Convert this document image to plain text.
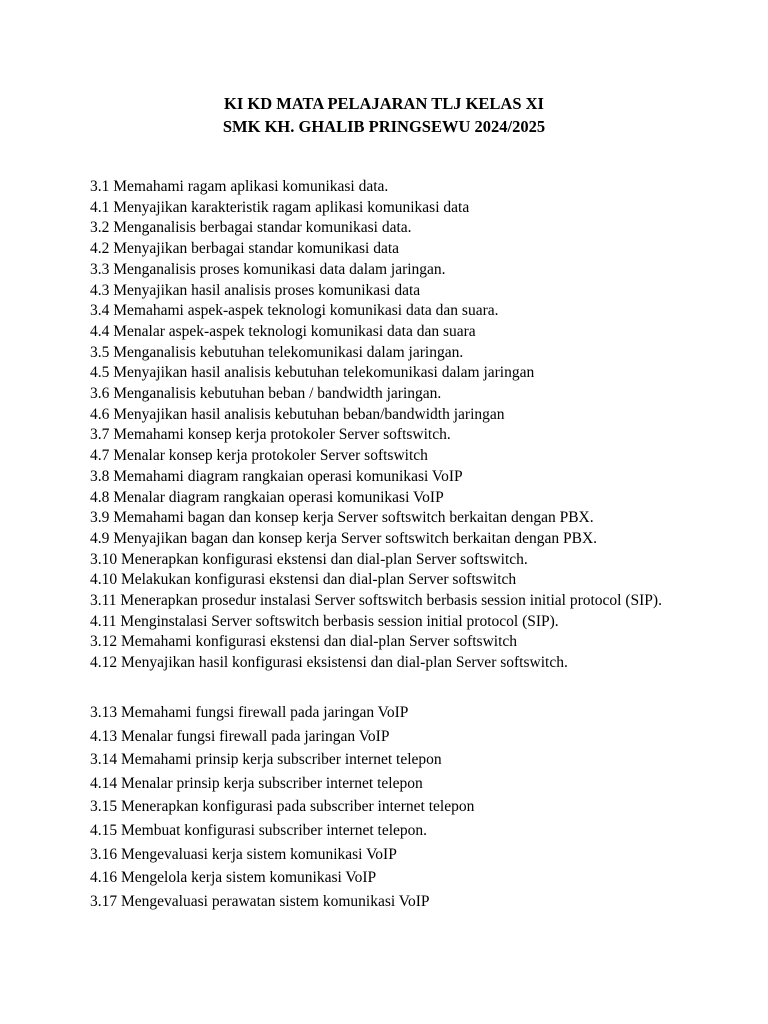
KI KD MATA PELAJARAN TLJ KELAS XI
SMK KH. GHALIB PRINGSEWU 2024/2025
3.1 Memahami ragam aplikasi komunikasi data.
4.1 Menyajikan karakteristik ragam aplikasi komunikasi data
3.2 Menganalisis berbagai standar komunikasi data.
4.2 Menyajikan berbagai standar komunikasi data
3.3 Menganalisis proses komunikasi data dalam jaringan.
4.3 Menyajikan hasil analisis proses komunikasi data
3.4 Memahami aspek-aspek teknologi komunikasi data dan suara.
4.4 Menalar aspek-aspek teknologi komunikasi data dan suara
3.5 Menganalisis kebutuhan telekomunikasi dalam jaringan.
4.5 Menyajikan hasil analisis kebutuhan telekomunikasi dalam jaringan
3.6 Menganalisis kebutuhan beban / bandwidth jaringan.
4.6 Menyajikan hasil analisis kebutuhan beban/bandwidth jaringan
3.7 Memahami konsep kerja protokoler Server softswitch.
4.7 Menalar konsep kerja protokoler Server softswitch
3.8 Memahami diagram rangkaian operasi komunikasi VoIP
4.8 Menalar diagram rangkaian operasi komunikasi VoIP
3.9 Memahami bagan dan konsep kerja Server softswitch berkaitan dengan PBX.
4.9 Menyajikan bagan dan konsep kerja Server softswitch berkaitan dengan PBX.
3.10 Menerapkan konfigurasi ekstensi dan dial-plan Server softswitch.
4.10 Melakukan konfigurasi ekstensi dan dial-plan Server softswitch
3.11 Menerapkan prosedur instalasi Server softswitch berbasis session initial protocol (SIP).
4.11 Menginstalasi Server softswitch berbasis session initial protocol (SIP).
3.12 Memahami konfigurasi ekstensi dan dial-plan Server softswitch
4.12 Menyajikan hasil konfigurasi eksistensi dan dial-plan Server softswitch.
3.13 Memahami fungsi firewall pada jaringan VoIP
4.13 Menalar fungsi firewall pada jaringan VoIP
3.14 Memahami prinsip kerja subscriber internet telepon
4.14 Menalar prinsip kerja subscriber internet telepon
3.15 Menerapkan konfigurasi pada subscriber internet telepon
4.15 Membuat konfigurasi subscriber internet telepon.
3.16 Mengevaluasi kerja sistem komunikasi VoIP
4.16 Mengelola kerja sistem komunikasi VoIP
3.17 Mengevaluasi perawatan sistem komunikasi VoIP
